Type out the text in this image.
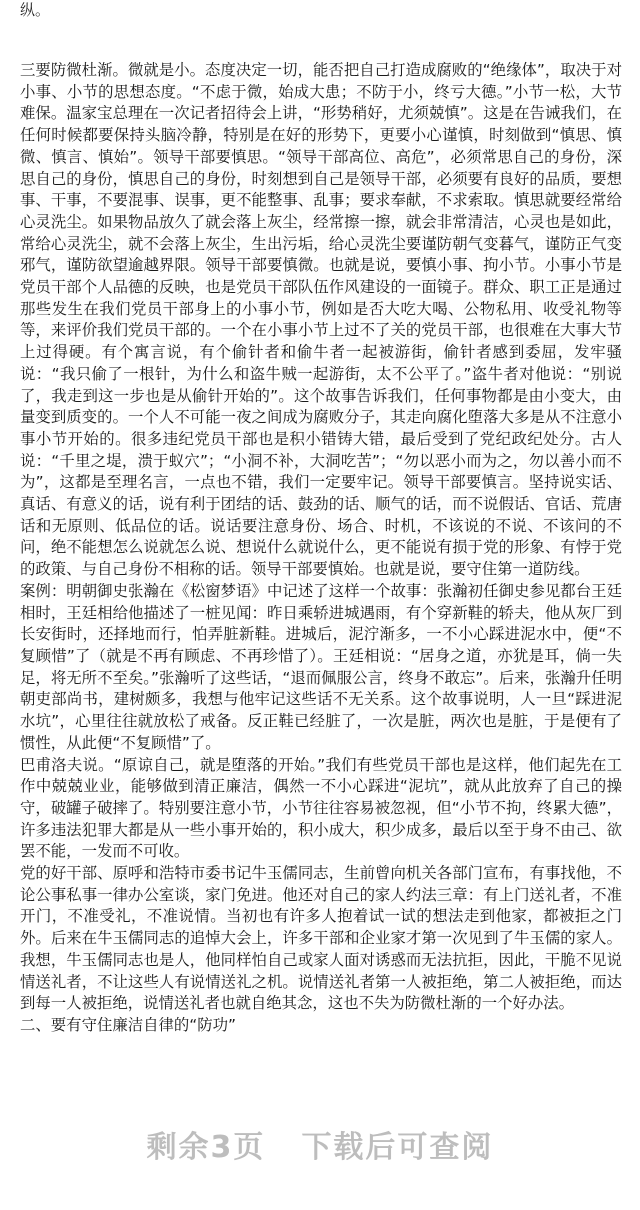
纵。

三要防微杜渐。微就是小。态度决定一切，能否把自己打造成腐败的“绝缘体”，取决于对小事、小节的思想态度。“不虑于微，始成大患；不防于小，终亏大德。”小节一松，大节难保。温家宝总理在一次记者招待会上讲，“形势稍好，尤须兢慎”。这是在告诫我们，在任何时候都要保持头脑冷静，特别是在好的形势下，更要小心谨慎，时刻做到“慎思、慎微、慎言、慎始”。领导干部要慎思。“领导干部高位、高危”，必须常思自己的身份，深思自己的身份，慎思自己的身份，时刻想到自己是领导干部，必须要有良好的品质，要想事、干事，不要混事、误事，更不能整事、乱事；要求奉献，不求索取。慎思就要经常给心灵洗尘。如果物品放久了就会落上灰尘，经常擦一擦，就会非常清洁，心灵也是如此，常给心灵洗尘，就不会落上灰尘，生出污垢，给心灵洗尘要谨防朝气变暮气，谨防正气变邪气，谨防欲望逾越界限。领导干部要慎微。也就是说，要慎小事、拘小节。小事小节是党员干部个人品德的反映，也是党员干部队伍作风建设的一面镜子。群众、职工正是通过那些发生在我们党员干部身上的小事小节，例如是否大吃大喝、公物私用、收受礼物等等，来评价我们党员干部的。一个在小事小节上过不了关的党员干部，也很难在大事大节上过得硬。有个寓言说，有个偷针者和偷牛者一起被游街，偷针者感到委屈，发牢骚说：“我只偷了一根针，为什么和盗牛贼一起游街，太不公平了。”盗牛者对他说：“别说了，我走到这一步也是从偷针开始的”。这个故事告诉我们，任何事物都是由小变大，由量变到质变的。一个人不可能一夜之间成为腐败分子，其走向腐化堕落大多是从不注意小事小节开始的。很多违纪党员干部也是积小错铸大错，最后受到了党纪政纪处分。古人说：“千里之堤，溃于蚁穴”；“小洞不补，大洞吃苦”；“勿以恶小而为之，勿以善小而不为”，这都是至理名言，一点也不错，我们一定要牢记。领导干部要慎言。坚持说实话、真话、有意义的话，说有利于团结的话、鼓劲的话、顺气的话，而不说假话、官话、荒唐话和无原则、低品位的话。说话要注意身份、场合、时机，不该说的不说、不该问的不问，绝不能想怎么说就怎么说、想说什么就说什么，更不能说有损于党的形象、有悖于党的政策、与自己身份不相称的话。领导干部要慎始。也就是说，要守住第一道防线。

案例：明朝御史张瀚在《松窗梦语》中记述了这样一个故事：张瀚初任御史参见都台王廷相时，王廷相给他描述了一桩见闻：昨日乘轿进城遇雨，有个穿新鞋的轿夫，他从灰厂到长安街时，还择地而行，怕弄脏新鞋。进城后，泥泞渐多，一不小心踩进泥水中，便“不复顾惜”了（就是不再有顾虑、不再珍惜了）。王廷相说：“居身之道，亦犹是耳，倘一失足，将无所不至矣。”张瀚听了这些话，“退而佩服公言，终身不敢忘”。后来，张瀚升任明朝吏部尚书，建树颇多，我想与他牢记这些话不无关系。这个故事说明，人一旦“踩进泥水坑”，心里往往就放松了戒备。反正鞋已经脏了，一次是脏，两次也是脏，于是便有了惯性，从此便“不复顾惜”了。

巴甫洛夫说。“原谅自己，就是堕落的开始。”我们有些党员干部也是这样，他们起先在工作中兢兢业业，能够做到清正廉洁，偶然一不小心踩进“泥坑”，就从此放弃了自己的操守，破罐子破摔了。特别要注意小节，小节往往容易被忽视，但“小节不拘，终累大德”，许多违法犯罪大都是从一些小事开始的，积小成大，积少成多，最后以至于身不由己、欲罢不能，一发而不可收。

党的好干部、原呼和浩特市委书记牛玉儒同志，生前曾向机关各部门宣布，有事找他，不论公事私事一律办公室谈，家门免进。他还对自己的家人约法三章：有上门送礼者，不准开门，不准受礼，不准说情。当初也有许多人抱着试一试的想法走到他家，都被拒之门外。后来在牛玉儒同志的追悼大会上，许多干部和企业家才第一次见到了牛玉儒的家人。我想，牛玉儒同志也是人，他同样怕自己或家人面对诱惑而无法抗拒，因此，干脆不见说情送礼者，不让这些人有说情送礼之机。说情送礼者第一人被拒绝，第二人被拒绝，而达到每一人被拒绝，说情送礼者也就自绝其念，这也不失为防微杜渐的一个好办法。

二、要有守住廉洁自律的“防功”

剩余3页 下载后可查阅
